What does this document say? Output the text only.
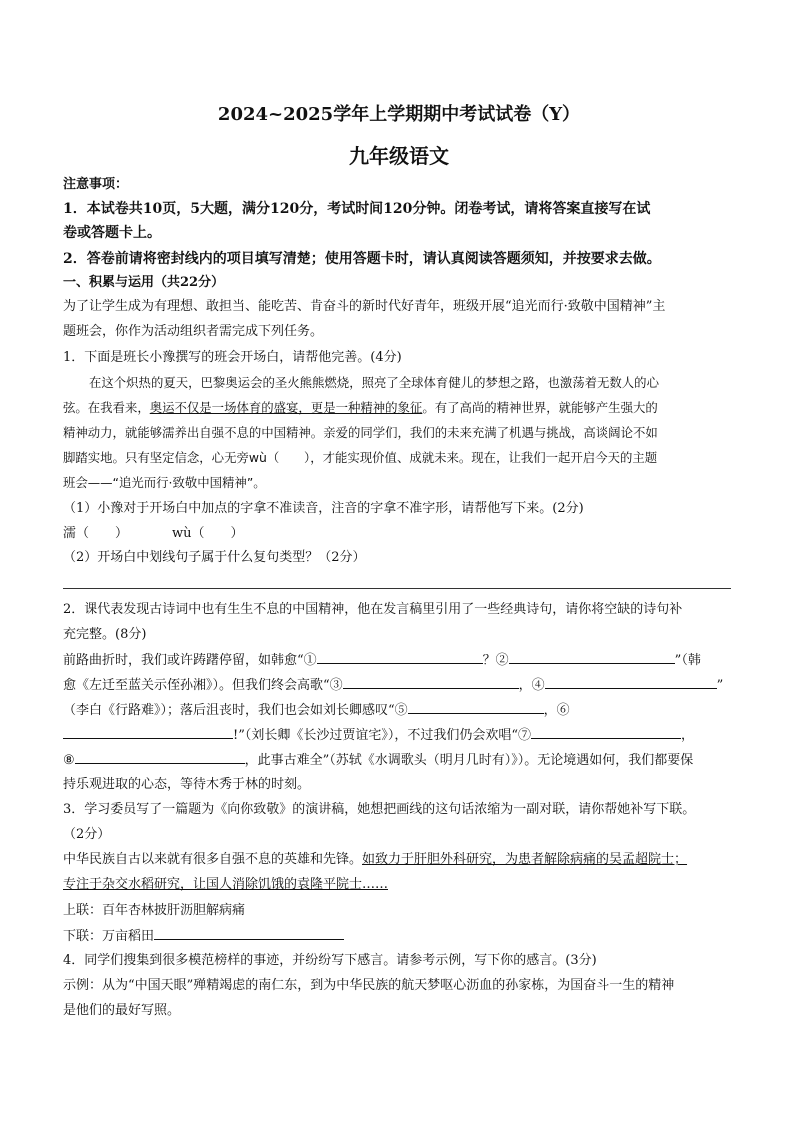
2024~2025学年上学期期中考试试卷（Y）
九年级语文
注意事项：
1．本试卷共10页，5大题，满分120分，考试时间120分钟。闭卷考试，请将答案直接写在试
卷或答题卡上。
2．答卷前请将密封线内的项目填写清楚；使用答题卡时，请认真阅读答题须知，并按要求去做。
一、积累与运用（共22分）
为了让学生成为有理想、敢担当、能吃苦、肯奋斗的新时代好青年，班级开展“追光而行·致敬中国精神”主
题班会，你作为活动组织者需完成下列任务。
1．下面是班长小豫撰写的班会开场白，请帮他完善。(4分)
在这个炽热的夏天，巴黎奥运会的圣火熊熊燃烧，照亮了全球体育健儿的梦想之路，也激荡着无数人的心
弦。在我看来，奥运不仅是一场体育的盛宴，更是一种精神的象征。有了高尚的精神世界，就能够产生强大的
精神动力，就能够濡养出自强不息的中国精神。亲爱的同学们，我们的未来充满了机遇与挑战，高谈阔论不如
脚踏实地。只有坚定信念，心无旁wù（　　），才能实现价值、成就未来。现在，让我们一起开启今天的主题
班会——“追光而行·致敬中国精神”。
（1）小豫对于开场白中加点的字拿不准读音，注音的字拿不准字形，请帮他写下来。(2分)
濡（　　）	wù（　　）
（2）开场白中划线句子属于什么复句类型？（2分）
2．课代表发现古诗词中也有生生不息的中国精神，他在发言稿里引用了一些经典诗句，请你将空缺的诗句补
充完整。(8分)
前路曲折时，我们或许踌躇停留，如韩愈“①	？②	”（韩
愈《左迁至蓝关示侄孙湘》）。但我们终会高歌“③	，④	”
（李白《行路难》）；落后沮丧时，我们也会如刘长卿感叹“⑤	，⑥
!”（刘长卿《长沙过贾谊宅》），不过我们仍会欢唱“⑦	，
⑧	，此事古难全”（苏轼《水调歌头（明月几时有）》）。无论境遇如何，我们都要保
持乐观进取的心态，等待木秀于林的时刻。
3．学习委员写了一篇题为《向你致敬》的演讲稿，她想把画线的这句话浓缩为一副对联，请你帮她补写下联。
（2分）
中华民族自古以来就有很多自强不息的英雄和先锋。如致力于肝胆外科研究，为患者解除病痛的吴孟超院士；
专注于杂交水稻研究，让国人消除饥饿的袁隆平院士……
上联：百年杏林披肝沥胆解病痛
下联：万亩稻田
4．同学们搜集到很多模范榜样的事迹，并纷纷写下感言。请参考示例，写下你的感言。(3分)
示例：从为“中国天眼”殚精竭虑的南仁东，到为中华民族的航天梦呕心沥血的孙家栋，为国奋斗一生的精神
是他们的最好写照。
